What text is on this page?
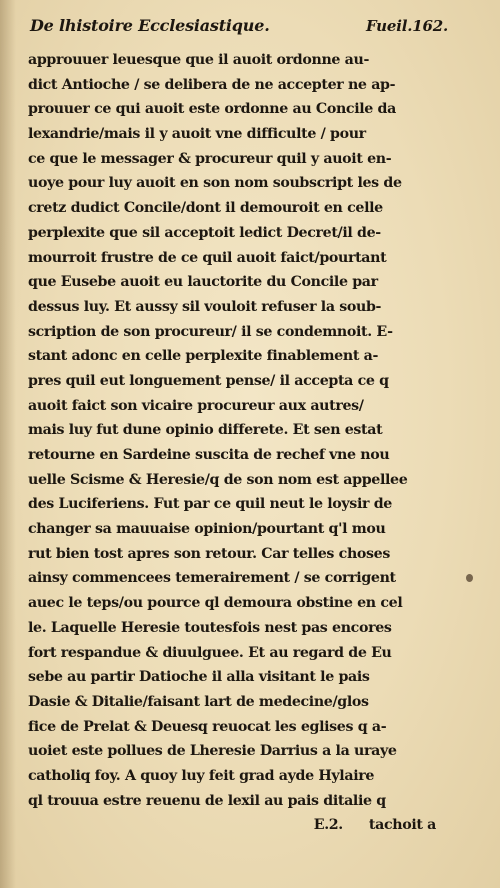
De lhistoire Ecclesiastique.	Fueil.162.
approuuer leuesque que il auoit ordonne au-
dict Antioche / se delibera de ne accepter ne ap-
prouuer ce qui auoit este ordonne au Concile da
lexandrie/mais il y auoit vne difficulte / pour
ce que le messager & procureur quil y auoit en-
uoye pour luy auoit en son nom soubscript les de
cretz dudict Concile/dont il demouroit en celle
perplexite que sil acceptoit ledict Decret/il de-
mourroit frustre de ce quil auoit faict/pourtant
que Eusebe auoit eu lauctorite du Concile par
dessus luy. Et aussy sil vouloit refuser la soub-
scription de son procureur/ il se condemnoit. E-
stant adonc en celle perplexite finablement a-
pres quil eut longuement pense/ il accepta ce q
auoit faict son vicaire procureur aux autres/
mais luy fut dune opinio differete. Et sen estat
retourne en Sardeine suscita de rechef vne nou
uelle Scisme & Heresie/q de son nom est appellee
des Luciferiens. Fut par ce quil neut le loysir de
changer sa mauuaise opinion/pourtant q'l mou
rut bien tost apres son retour. Car telles choses
ainsy commencees temerairement / se corrigent
auec le teps/ou pource ql demoura obstine en cel
le. Laquelle Heresie toutesfois nest pas encores
fort respandue & diuulguee. Et au regard de Eu
sebe au partir Datioche il alla visitant le pais
Dasie & Ditalie/faisant lart de medecine/glos
fice de Prelat & Deuesq reuocat les eglises q a-
uoiet este pollues de Lheresie Darrius a la uraye
catholiq foy. A quoy luy feit grad ayde Hylaire
ql trouua estre reuenu de lexil au pais ditalie q
E.2. tachoit a
